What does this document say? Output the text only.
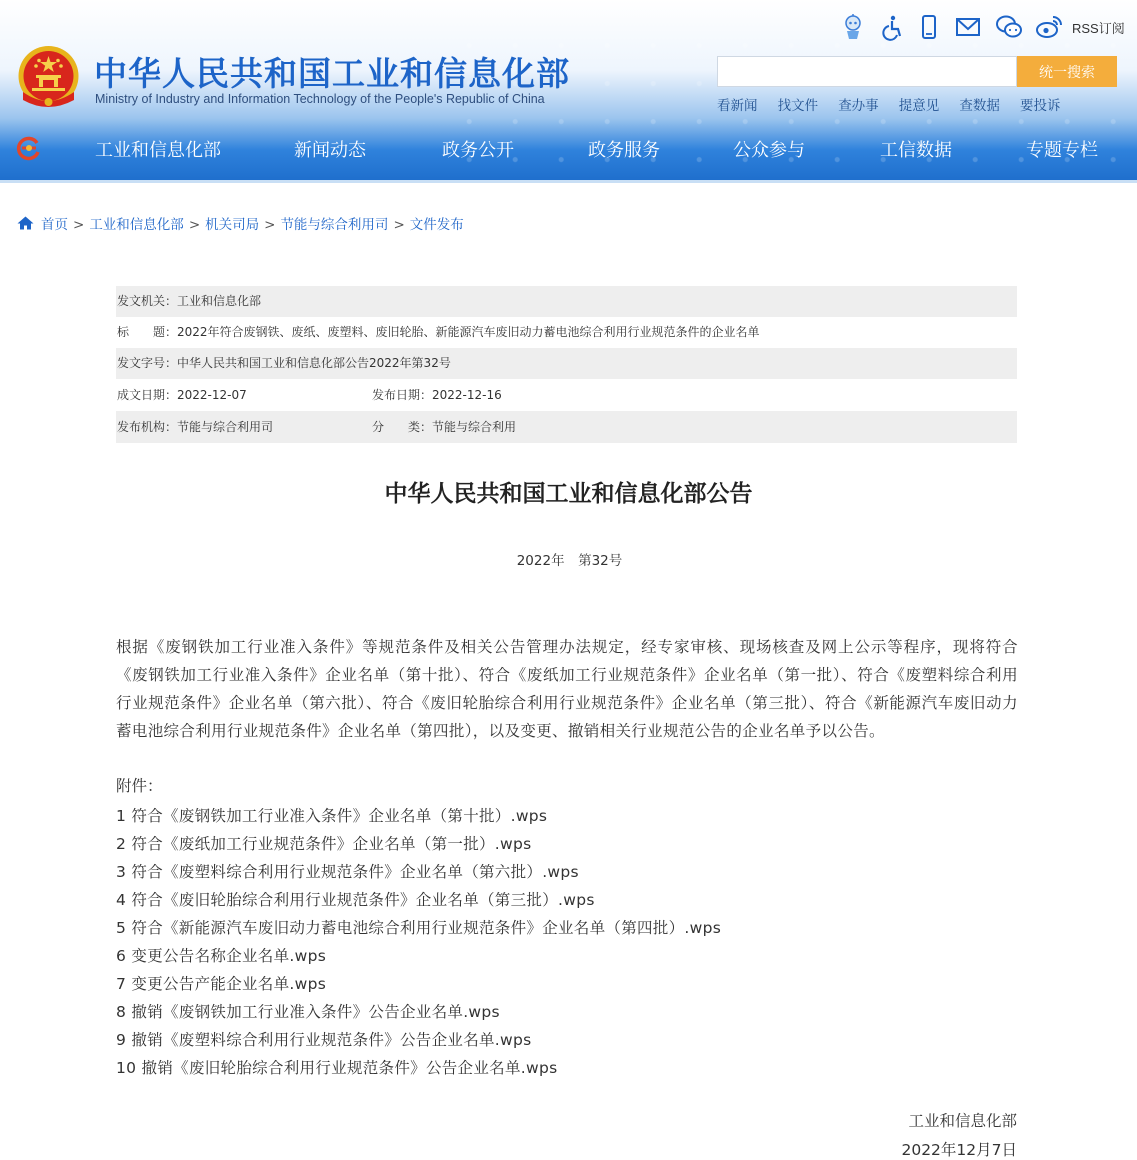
中华人民共和国工业和信息化部
Ministry of Industry and Information Technology of the People's Republic of China
RSS订阅
统一搜索
看新闻 找文件 查办事 提意见 查数据 要投诉
工业和信息化部	新闻动态	政务公开	政务服务	公众参与	工信数据	专题专栏
首页 > 工业和信息化部 > 机关司局 > 节能与综合利用司 > 文件发布
发文机关：工业和信息化部
标　　题：2022年符合废钢铁、废纸、废塑料、废旧轮胎、新能源汽车废旧动力蓄电池综合利用行业规范条件的企业名单
发文字号：中华人民共和国工业和信息化部公告2022年第32号
成文日期：2022-12-07	发布日期：2022-12-16
发布机构：节能与综合利用司	分　　类：节能与综合利用
中华人民共和国工业和信息化部公告
2022年　第32号
根据《废钢铁加工行业准入条件》等规范条件及相关公告管理办法规定，经专家审核、现场核查及网上公示等程序，现将符合《废钢铁加工行业准入条件》企业名单（第十批）、符合《废纸加工行业规范条件》企业名单（第一批）、符合《废塑料综合利用行业规范条件》企业名单（第六批）、符合《废旧轮胎综合利用行业规范条件》企业名单（第三批）、符合《新能源汽车废旧动力蓄电池综合利用行业规范条件》企业名单（第四批），以及变更、撤销相关行业规范公告的企业名单予以公告。
附件：
1 符合《废钢铁加工行业准入条件》企业名单（第十批）.wps
2 符合《废纸加工行业规范条件》企业名单（第一批）.wps
3 符合《废塑料综合利用行业规范条件》企业名单（第六批）.wps
4 符合《废旧轮胎综合利用行业规范条件》企业名单（第三批）.wps
5 符合《新能源汽车废旧动力蓄电池综合利用行业规范条件》企业名单（第四批）.wps
6 变更公告名称企业名单.wps
7 变更公告产能企业名单.wps
8 撤销《废钢铁加工行业准入条件》公告企业名单.wps
9 撤销《废塑料综合利用行业规范条件》公告企业名单.wps
10 撤销《废旧轮胎综合利用行业规范条件》公告企业名单.wps
工业和信息化部
2022年12月7日
